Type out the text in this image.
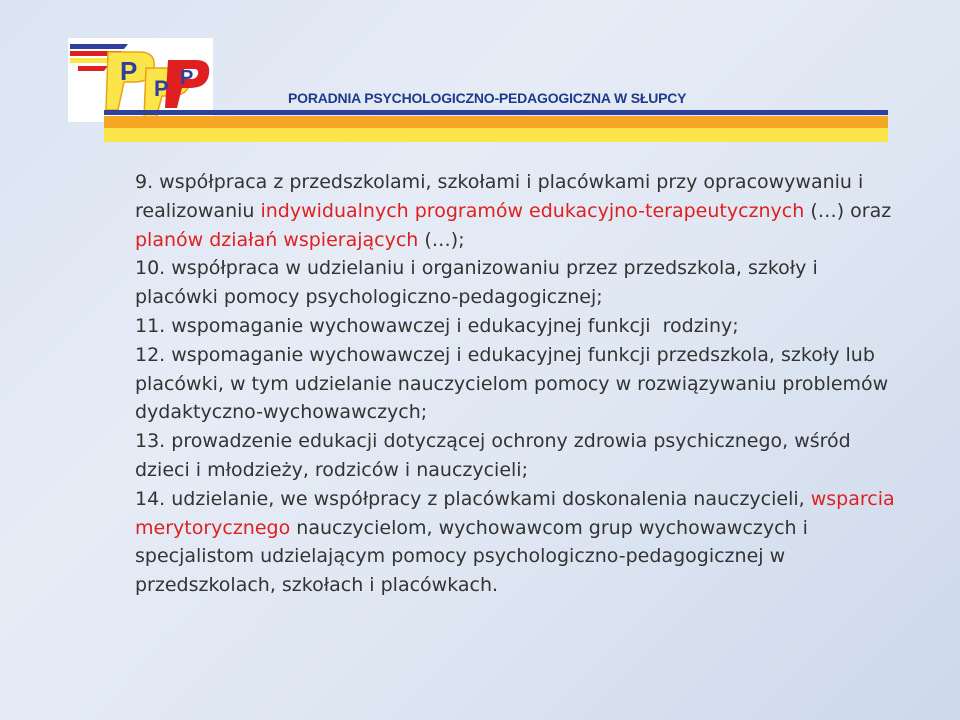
P
P P
PORADNIA PSYCHOLOGICZNO-PEDAGOGICZNA W SŁUPCY

9. współpraca z przedszkolami, szkołami i placówkami przy opracowywaniu i realizowaniu indywidualnych programów edukacyjno-terapeutycznych (…) oraz planów działań wspierających (…);

10. współpraca w udzielaniu i organizowaniu przez przedszkola, szkoły i placówki pomocy psychologiczno-pedagogicznej;

11. wspomaganie wychowawczej i edukacyjnej funkcji  rodziny;

12. wspomaganie wychowawczej i edukacyjnej funkcji przedszkola, szkoły lub placówki, w tym udzielanie nauczycielom pomocy w rozwiązywaniu problemów dydaktyczno-wychowawczych;

13. prowadzenie edukacji dotyczącej ochrony zdrowia psychicznego, wśród dzieci i młodzieży, rodziców i nauczycieli;

14. udzielanie, we współpracy z placówkami doskonalenia nauczycieli, wsparcia merytorycznego nauczycielom, wychowawcom grup wychowawczych i specjalistom udzielającym pomocy psychologiczno-pedagogicznej w przedszkolach, szkołach i placówkach.
